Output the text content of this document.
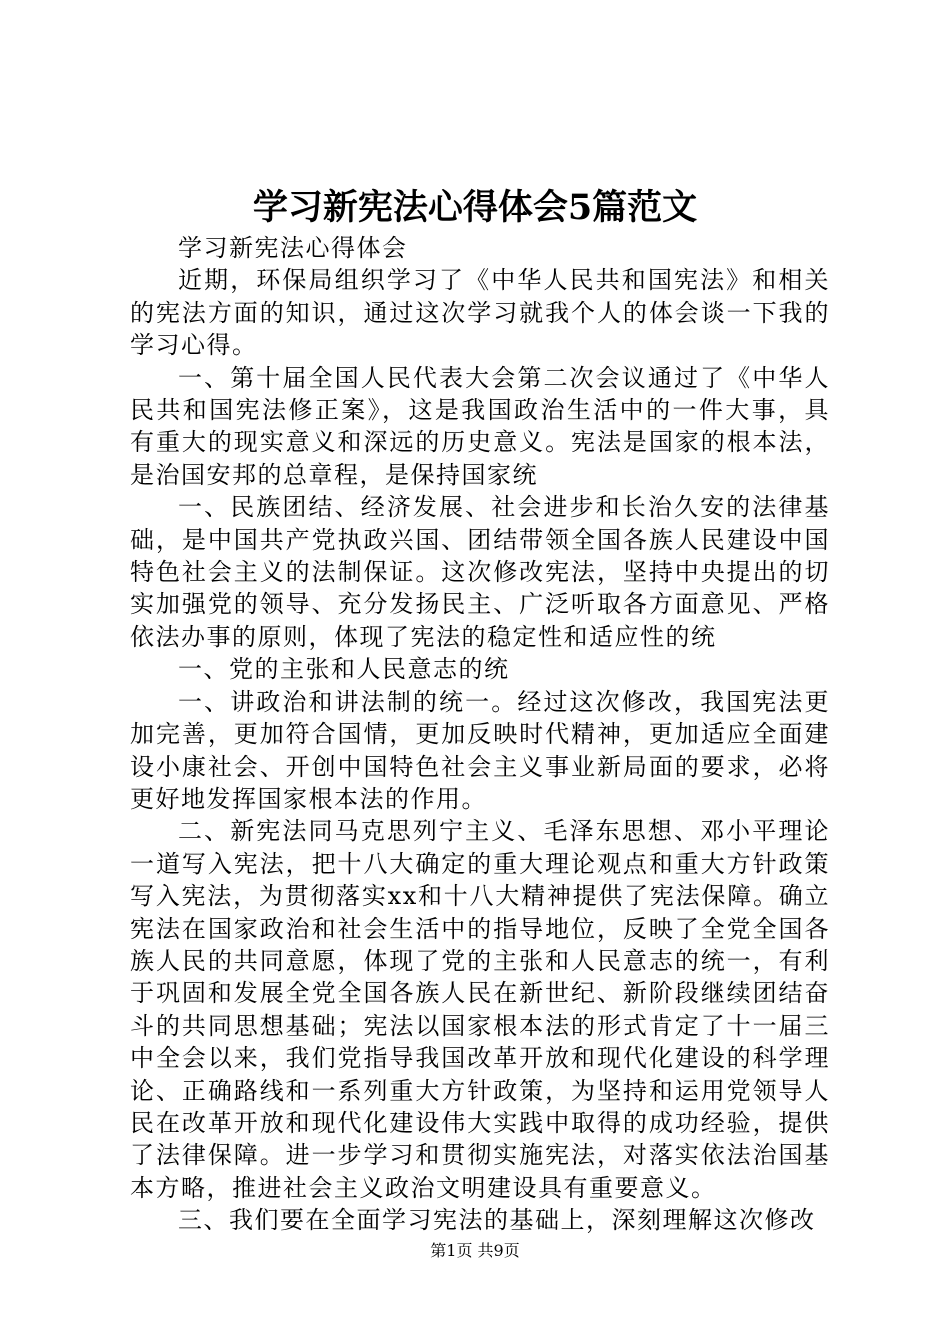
学习新宪法心得体会5篇范文

学习新宪法心得体会

近期，环保局组织学习了《中华人民共和国宪法》和相关的宪法方面的知识，通过这次学习就我个人的体会谈一下我的学习心得。

一、第十届全国人民代表大会第二次会议通过了《中华人民共和国宪法修正案》，这是我国政治生活中的一件大事，具有重大的现实意义和深远的历史意义。宪法是国家的根本法，是治国安邦的总章程，是保持国家统

一、民族团结、经济发展、社会进步和长治久安的法律基础，是中国共产党执政兴国、团结带领全国各族人民建设中国特色社会主义的法制保证。这次修改宪法，坚持中央提出的切实加强党的领导、充分发扬民主、广泛听取各方面意见、严格依法办事的原则，体现了宪法的稳定性和适应性的统

一、党的主张和人民意志的统

一、讲政治和讲法制的统一。经过这次修改，我国宪法更加完善，更加符合国情，更加反映时代精神，更加适应全面建设小康社会、开创中国特色社会主义事业新局面的要求，必将更好地发挥国家根本法的作用。

二、新宪法同马克思列宁主义、毛泽东思想、邓小平理论一道写入宪法，把十八大确定的重大理论观点和重大方针政策写入宪法，为贯彻落实xx和十八大精神提供了宪法保障。确立宪法在国家政治和社会生活中的指导地位，反映了全党全国各族人民的共同意愿，体现了党的主张和人民意志的统一，有利于巩固和发展全党全国各族人民在新世纪、新阶段继续团结奋斗的共同思想基础；宪法以国家根本法的形式肯定了十一届三中全会以来，我们党指导我国改革开放和现代化建设的科学理论、正确路线和一系列重大方针政策，为坚持和运用党领导人民在改革开放和现代化建设伟大实践中取得的成功经验，提供了法律保障。进一步学习和贯彻实施宪法，对落实依法治国基本方略，推进社会主义政治文明建设具有重要意义。

三、我们要在全面学习宪法的基础上，深刻理解这次修改

第1页 共9页
